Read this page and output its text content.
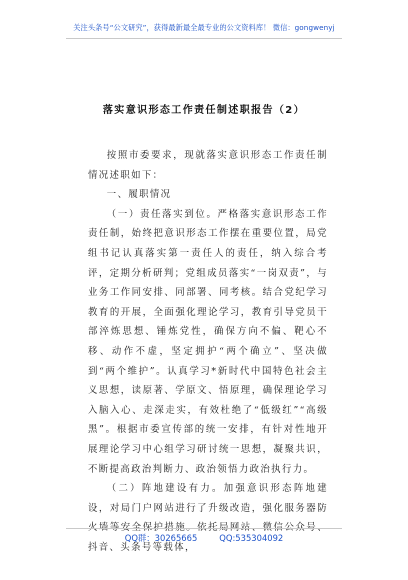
关注头条号“公文研究”，获得最新最全最专业的公文资料库！ 微信：gongwenyj
落实意识形态工作责任制述职报告（2）

按照市委要求，现就落实意识形态工作责任制情况述职如下：

一、履职情况

（一）责任落实到位。严格落实意识形态工作责任制，始终把意识形态工作摆在重要位置，局党组书记认真落实第一责任人的责任，纳入综合考评，定期分析研判；党组成员落实“一岗双责”，与业务工作同安排、同部署、同考核。结合党纪学习教育的开展，全面强化理论学习，教育引导党员干部淬炼思想、锤炼党性，确保方向不偏、靶心不移、动作不虚，坚定拥护“两个确立”、坚决做到“两个维护”。认真学习*新时代中国特色社会主义思想，读原著、学原文、悟原理，确保理论学习入脑入心、走深走实，有效杜绝了“低级红”“高级黑”。根据市委宣传部的统一安排，有针对性地开展理论学习中心组学习研讨统一思想，凝聚共识，不断提高政治判断力、政治领悟力政治执行力。

（二）阵地建设有力。加强意识形态阵地建设，对局门户网站进行了升级改造，强化服务器防火墙等安全保护措施。依托局网站、微信公众号、抖音、头条号等载体，

QQ群：30265665	QQ:535304092
